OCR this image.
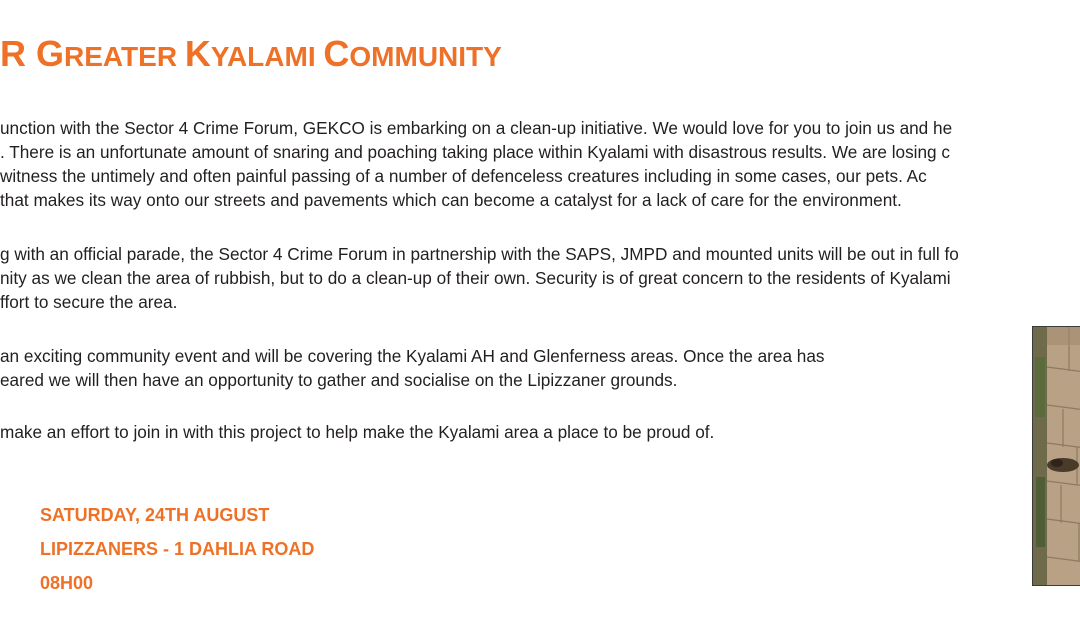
R GREATER KYALAMI COMMUNITY

unction with the Sector 4 Crime Forum, GEKCO is embarking on a clean-up initiative. We would love for you to join us and he
. There is an unfortunate amount of snaring and poaching taking place within Kyalami with disastrous results. We are losing c
witness the untimely and often painful passing of a number of defenceless creatures including in some cases, our pets. Ac
that makes its way onto our streets and pavements which can become a catalyst for a lack of care for the environment.

g with an official parade, the Sector 4 Crime Forum in partnership with the SAPS, JMPD and mounted units will be out in full fo
nity as we clean the area of rubbish, but to do a clean-up of their own. Security is of great concern to the residents of Kyalami
ffort to secure the area.

an exciting community event and will be covering the Kyalami AH and Glenferness areas. Once the area has
eared we will then have an opportunity to gather and socialise on the Lipizzaner grounds.

make an effort to join in with this project to help make the Kyalami area a place to be proud of.

SATURDAY, 24TH AUGUST
LIPIZZANERS - 1 DAHLIA ROAD
08H00
